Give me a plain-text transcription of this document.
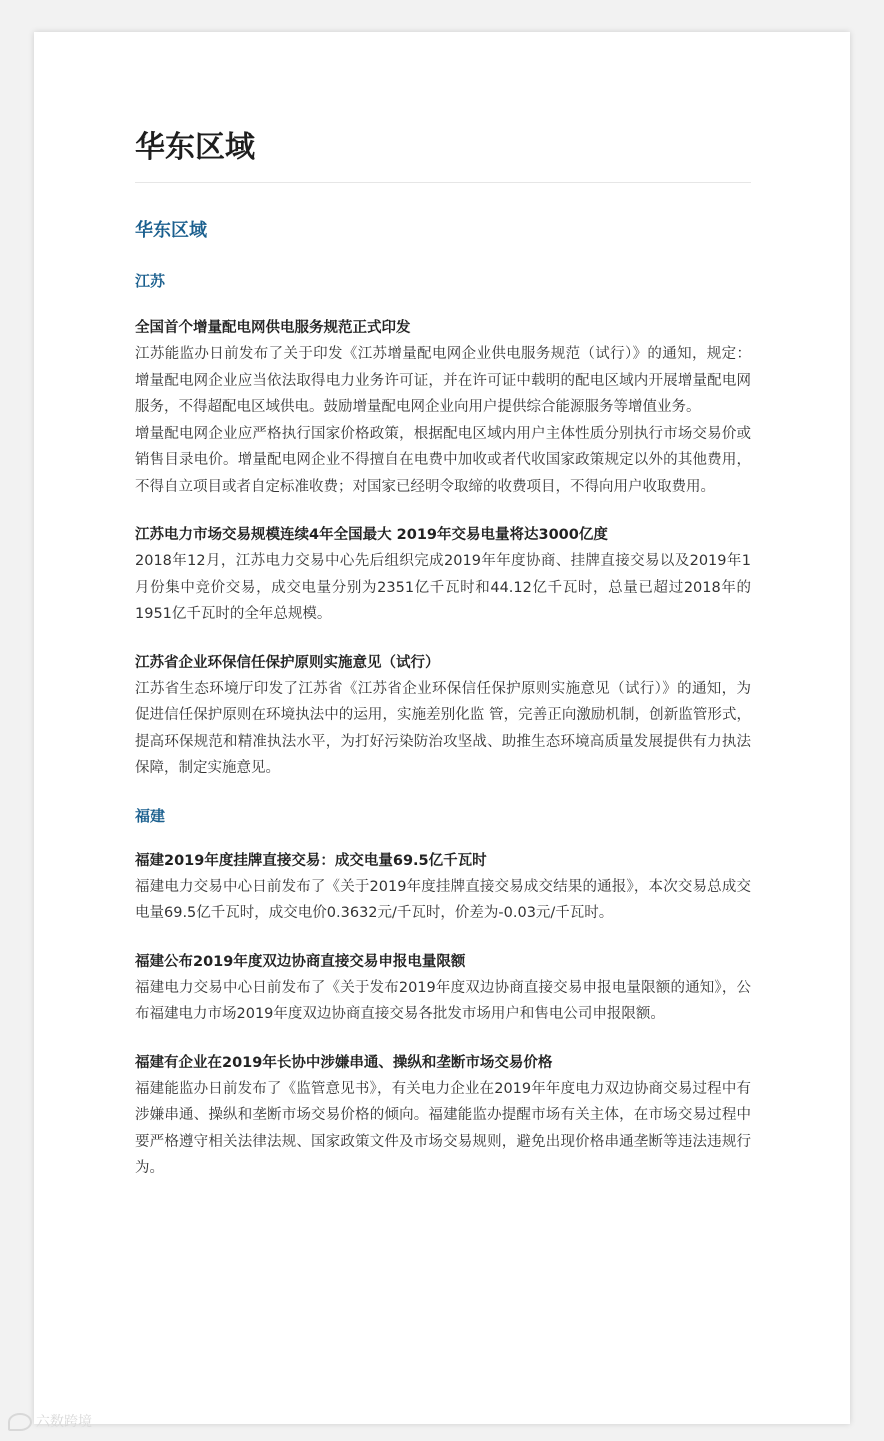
华东区域
华东区域
江苏
全国首个增量配电网供电服务规范正式印发

江苏能监办日前发布了关于印发《江苏增量配电网企业供电服务规范（试行）》的通知，规定：增量配电网企业应当依法取得电力业务许可证，并在许可证中载明的配电区域内开展增量配电网服务，不得超配电区域供电。鼓励增量配电网企业向用户提供综合能源服务等增值业务。

增量配电网企业应严格执行国家价格政策，根据配电区域内用户主体性质分别执行市场交易价或销售目录电价。增量配电网企业不得擅自在电费中加收或者代收国家政策规定以外的其他费用，不得自立项目或者自定标准收费；对国家已经明令取缔的收费项目，不得向用户收取费用。

江苏电力市场交易规模连续4年全国最大 2019年交易电量将达3000亿度

2018年12月，江苏电力交易中心先后组织完成2019年年度协商、挂牌直接交易以及2019年1月份集中竞价交易，成交电量分别为2351亿千瓦时和44.12亿千瓦时，总量已超过2018年的1951亿千瓦时的全年总规模。

江苏省企业环保信任保护原则实施意见（试行）

江苏省生态环境厅印发了江苏省《江苏省企业环保信任保护原则实施意见（试行）》的通知，为促进信任保护原则在环境执法中的运用，实施差别化监 管，完善正向激励机制，创新监管形式，提高环保规范和精准执法水平，为打好污染防治攻坚战、助推生态环境高质量发展提供有力执法保障，制定实施意见。

福建
福建2019年度挂牌直接交易：成交电量69.5亿千瓦时

福建电力交易中心日前发布了《关于2019年度挂牌直接交易成交结果的通报》，本次交易总成交电量69.5亿千瓦时，成交电价0.3632元/千瓦时，价差为-0.03元/千瓦时。

福建公布2019年度双边协商直接交易申报电量限额

福建电力交易中心日前发布了《关于发布2019年度双边协商直接交易申报电量限额的通知》，公布福建电力市场2019年度双边协商直接交易各批发市场用户和售电公司申报限额。

福建有企业在2019年长协中涉嫌串通、操纵和垄断市场交易价格

福建能监办日前发布了《监管意见书》，有关电力企业在2019年年度电力双边协商交易过程中有涉嫌串通、操纵和垄断市场交易价格的倾向。福建能监办提醒市场有关主体，在市场交易过程中要严格遵守相关法律法规、国家政策文件及市场交易规则，避免出现价格串通垄断等违法违规行为。

六数跨境
